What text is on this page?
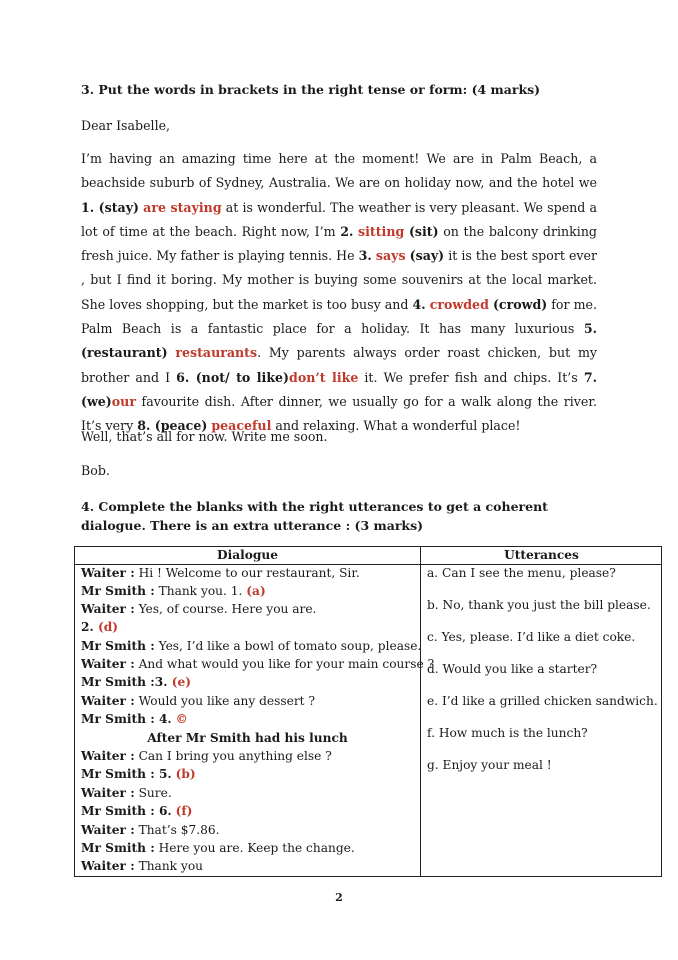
3. Put the words in brackets in the right tense or form: (4 marks)
Dear Isabelle,
I’m having an amazing time here at the moment! We are in Palm Beach, a beachside suburb of Sydney, Australia. We are on holiday now, and the hotel we 1. (stay) are staying at is wonderful. The weather is very pleasant. We spend a lot of time at the beach. Right now, I’m 2. sitting (sit) on the balcony drinking fresh juice. My father is playing tennis. He 3. says (say) it is the best sport ever , but I find it boring. My mother is buying some souvenirs at the local market. She loves shopping, but the market is too busy and 4. crowded (crowd) for me. Palm Beach is a fantastic place for a holiday. It has many luxurious 5. (restaurant) restaurants. My parents always order roast chicken, but my brother and I 6. (not/ to like)don’t like it. We prefer fish and chips. It’s 7. (we)our favourite dish. After dinner, we usually go for a walk along the river. It’s very 8. (peace) peaceful and relaxing. What a wonderful place!
Well, that’s all for now. Write me soon.
Bob.
4. Complete the blanks with the right utterances to get a coherent dialogue. There is an extra utterance : (3 marks)
Dialogue	Utterances
Waiter : Hi ! Welcome to our restaurant, Sir.
Mr Smith : Thank you. 1. (a)
Waiter : Yes, of course. Here you are.
2. (d)
Mr Smith : Yes, I’d like a bowl of tomato soup, please.
Waiter : And what would you like for your main course ?
Mr Smith :3. (e)
Waiter : Would you like any dessert ?
Mr Smith : 4. ©
After Mr Smith had his lunch
Waiter : Can I bring you anything else ?
Mr Smith : 5. (b)
Waiter : Sure.
Mr Smith : 6. (f)
Waiter : That’s $7.86.
Mr Smith : Here you are. Keep the change.
Waiter : Thank you
a. Can I see the menu, please?
b. No, thank you just the bill please.
c. Yes, please. I’d like a diet coke.
d. Would you like a starter?
e. I’d like a grilled chicken sandwich.
f. How much is the lunch?
g. Enjoy your meal !
2
